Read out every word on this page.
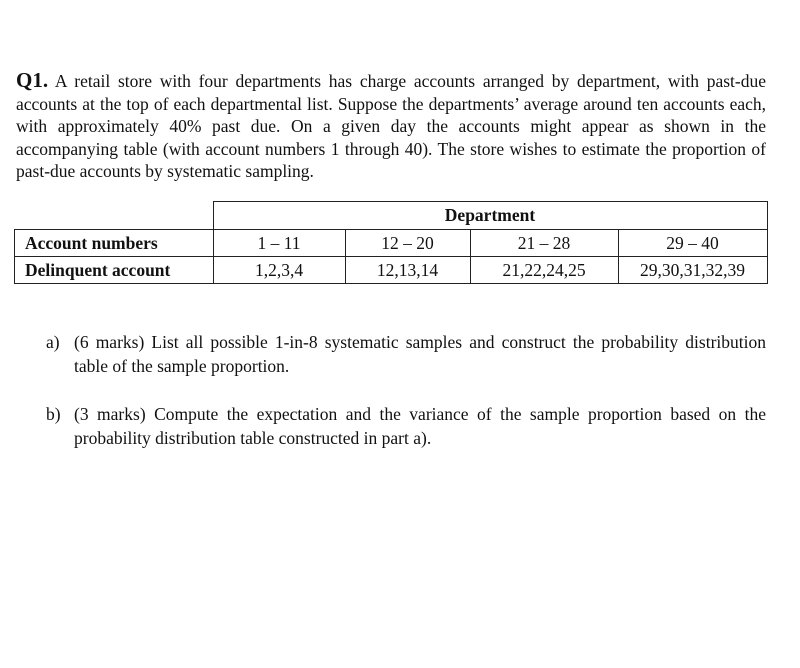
Q1. A retail store with four departments has charge accounts arranged by department, with past-due accounts at the top of each departmental list. Suppose the departments’ average around ten accounts each, with approximately 40% past due. On a given day the accounts might appear as shown in the accompanying table (with account numbers 1 through 40). The store wishes to estimate the proportion of past-due accounts by systematic sampling.
	Department			
Account numbers	1 – 11	12 – 20	21 – 28	29 – 40
Delinquent account	1,2,3,4	12,13,14	21,22,24,25	29,30,31,32,39
a) (6 marks) List all possible 1-in-8 systematic samples and construct the probability distribution table of the sample proportion.
b) (3 marks) Compute the expectation and the variance of the sample proportion based on the probability distribution table constructed in part a).
